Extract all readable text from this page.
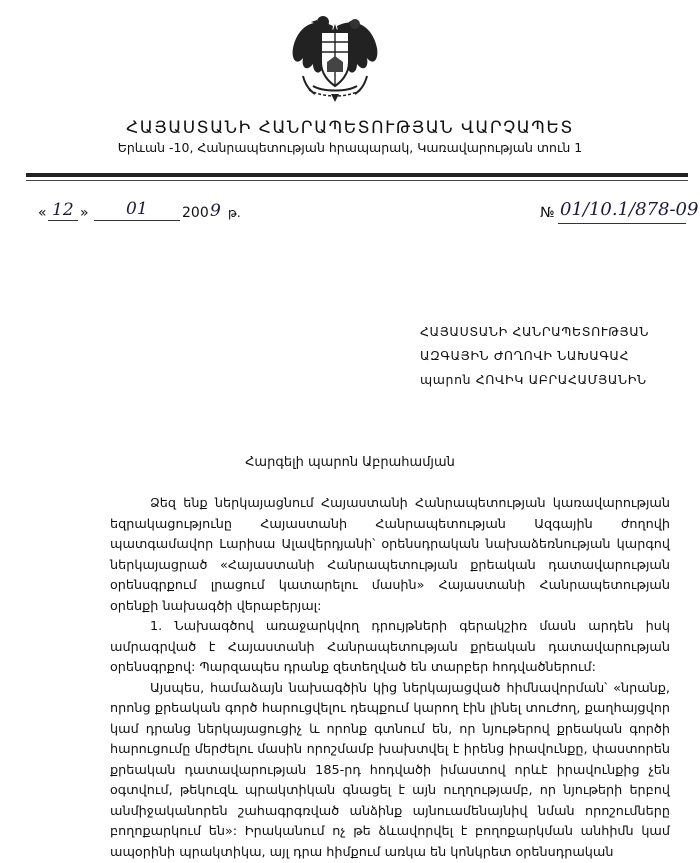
ՀԱՅԱՍՏԱՆԻ ՀԱՆՐԱՊԵՏՈՒԹՅԱՆ ՎԱՐՉԱՊԵՏ
Երևան -10, Հանրապետության հրապարակ, Կառավարության տուն 1
« 12 » 01 200 9 թ.	№ 01/10.1/878-09
ՀԱՅԱՍՏԱՆԻ ՀԱՆՐԱՊԵՏՈՒԹՅԱՆ
ԱԶԳԱՅԻՆ ԺՈՂՈՎԻ ՆԱԽԱԳԱՀ
պարոն ՀՈՎԻԿ ԱԲՐԱՀԱՄՅԱՆԻՆ
Հարգելի պարոն Աբրահամյան

Ձեզ ենք ներկայացնում Հայաստանի Հանրապետության կառավարության եզրակացությունը Հայաստանի Հանրապետության Ազգային ժողովի պատգամավոր Լարիսա Ալավերդյանի՝ օրենսդրական նախաձեռնության կարգով ներկայացրած «Հայաստանի Հանրապետության քրեական դատավարության օրենսգրքում լրացում կատարելու մասին» Հայաստանի Հանրապետության օրենքի նախագծի վերաբերյալ:

1. Նախագծով առաջարկվող դրույթների գերակշիռ մասն արդեն իսկ ամրագրված է Հայաստանի Հանրապետության քրեական դատավարության օրենսգրքով: Պարզապես դրանք զետեղված են տարբեր հոդվածներում:

Այսպես, համաձայն նախագծին կից ներկայացված հիմնավորման՝ «նրանք, որոնց քրեական գործ հարուցվելու դեպքում կարող էին լինել տուժող, քաղհայցվոր կամ դրանց ներկայացուցիչ և որոնք գտնում են, որ նյութերով քրեական գործի հարուցումը մերժելու մասին որոշմամբ խախտվել է իրենց իրավունքը, փաստորեն քրեական դատավարության 185-րդ հոդվածի իմաստով որևէ իրավունքից չեն օգտվում, թեկուզև պրակտիկան գնացել է այն ուղղությամբ, որ նյութերի երբով անմիջականորեն շահագրգռված անձինք այնուամենայնիվ նման որոշումները բողոքարկում են»: Իրականում ոչ թե ձևավորվել է բողոքարկման անհիմն կամ ապօրինի պրակտիկա, այլ դրա հիմքում առկա են կոնկրետ օրենսդրական
